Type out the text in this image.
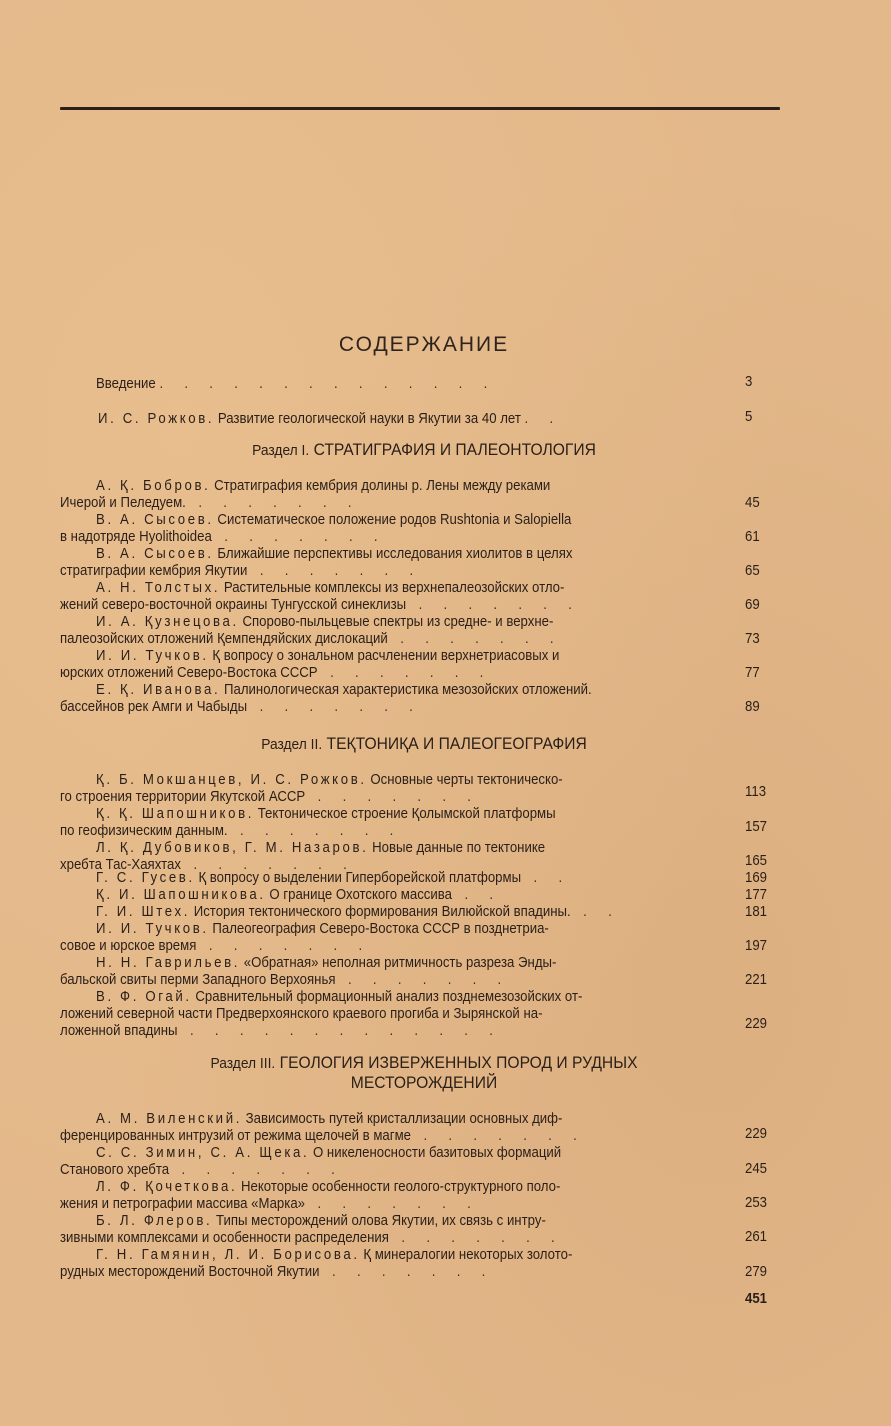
СОДЕРЖАНИЕ
Введение . . . . . . . . . . . . . .	3
И. С. Рожков. Развитие геологической науки в Якутии за 40 лет . .	5
Раздел I. СТРАТИГРАФИЯ И ПАЛЕОНТОЛОГИЯ
Раздел II. ТЕҚТОНИҚА И ПАЛЕОГЕОГРАФИЯ
Раздел III. ГЕОЛОГИЯ ИЗВЕРЖЕННЫХ ПОРОД И РУДНЫХ
МЕСТОРОЖДЕНИЙ
451
А. Қ. Бобров. Стратиграфия кембрия долины р. Лены между реками
Ичерой и Пеледуем. . . . . . . .	45
В. А. Сысоев. Систематическое положение родов Rushtonia и Salopiella
в надотряде Hyolithoidea . . . . . . .	61
В. А. Сысоев. Ближайшие перспективы исследования хиолитов в целях
стратиграфии кембрия Якутии . . . . . . .	65
А. Н. Толстых. Растительные комплексы из верхнепалеозойских отло-
жений северо-восточной окраины Тунгусской синеклизы . . . . . . .	69
И. А. Қузнецова. Спорово-пыльцевые спектры из средне- и верхне-
палеозойских отложений Қемпендяйских дислокаций . . . . . . .	73
И. И. Тучков. Қ вопросу о зональном расчленении верхнетриасовых и
юрских отложений Северо-Востока СССР . . . . . . .	77
Е. Қ. Иванова. Палинологическая характеристика мезозойских отложений.
бассейнов рек Амги и Чабыды . . . . . . .	89
Қ. Б. Мокшанцев, И. С. Рожков. Основные черты тектоническо-
го строения территории Якутской АССР . . . . . . .	113
Қ. Қ. Шапошников. Тектоническое строение Қолымской платформы
по геофизическим данным. . . . . . . .	157
Л. Қ. Дубовиков, Г. М. Назаров. Новые данные по тектонике
хребта Тас-Хаяхтах . . . . . . .	165
Г. С. Гусев. Қ вопросу о выделении Гиперборейской платформы . .	169
Қ. И. Шапошникова. О границе Охотского массива . .	177
Г. И. Штех. История тектонического формирования Вилюйской впадины. . .	181
И. И. Тучков. Палеогеография Северо-Востока СССР в позднетриа-
совое и юрское время . . . . . . .	197
Н. Н. Гаврильев. «Обратная» неполная ритмичность разреза Энды-
бальской свиты перми Западного Верхоянья . . . . . . .	221
В. Ф. Огай. Сравнительный формационный анализ позднемезозойских от-
ложений северной части Предверхоянского краевого прогиба и Зырянской на-
ложенной впадины . . . . . . . . . . . . .	229
А. М. Виленский. Зависимость путей кристаллизации основных диф-
ференцированных интрузий от режима щелочей в магме . . . . . . .	229
С. С. Зимин, С. А. Щека. О никеленосности базитовых формаций
Станового хребта . . . . . . .	245
Л. Ф. Қочеткова. Некоторые особенности геолого-структурного поло-
жения и петрографии массива «Марка» . . . . . . .	253
Б. Л. Флеров. Типы месторождений олова Якутии, их связь с интру-
зивными комплексами и особенности распределения . . . . . . .	261
Г. Н. Гамянин, Л. И. Борисова. Қ минералогии некоторых золото-
рудных месторождений Восточной Якутии . . . . . . .	279
